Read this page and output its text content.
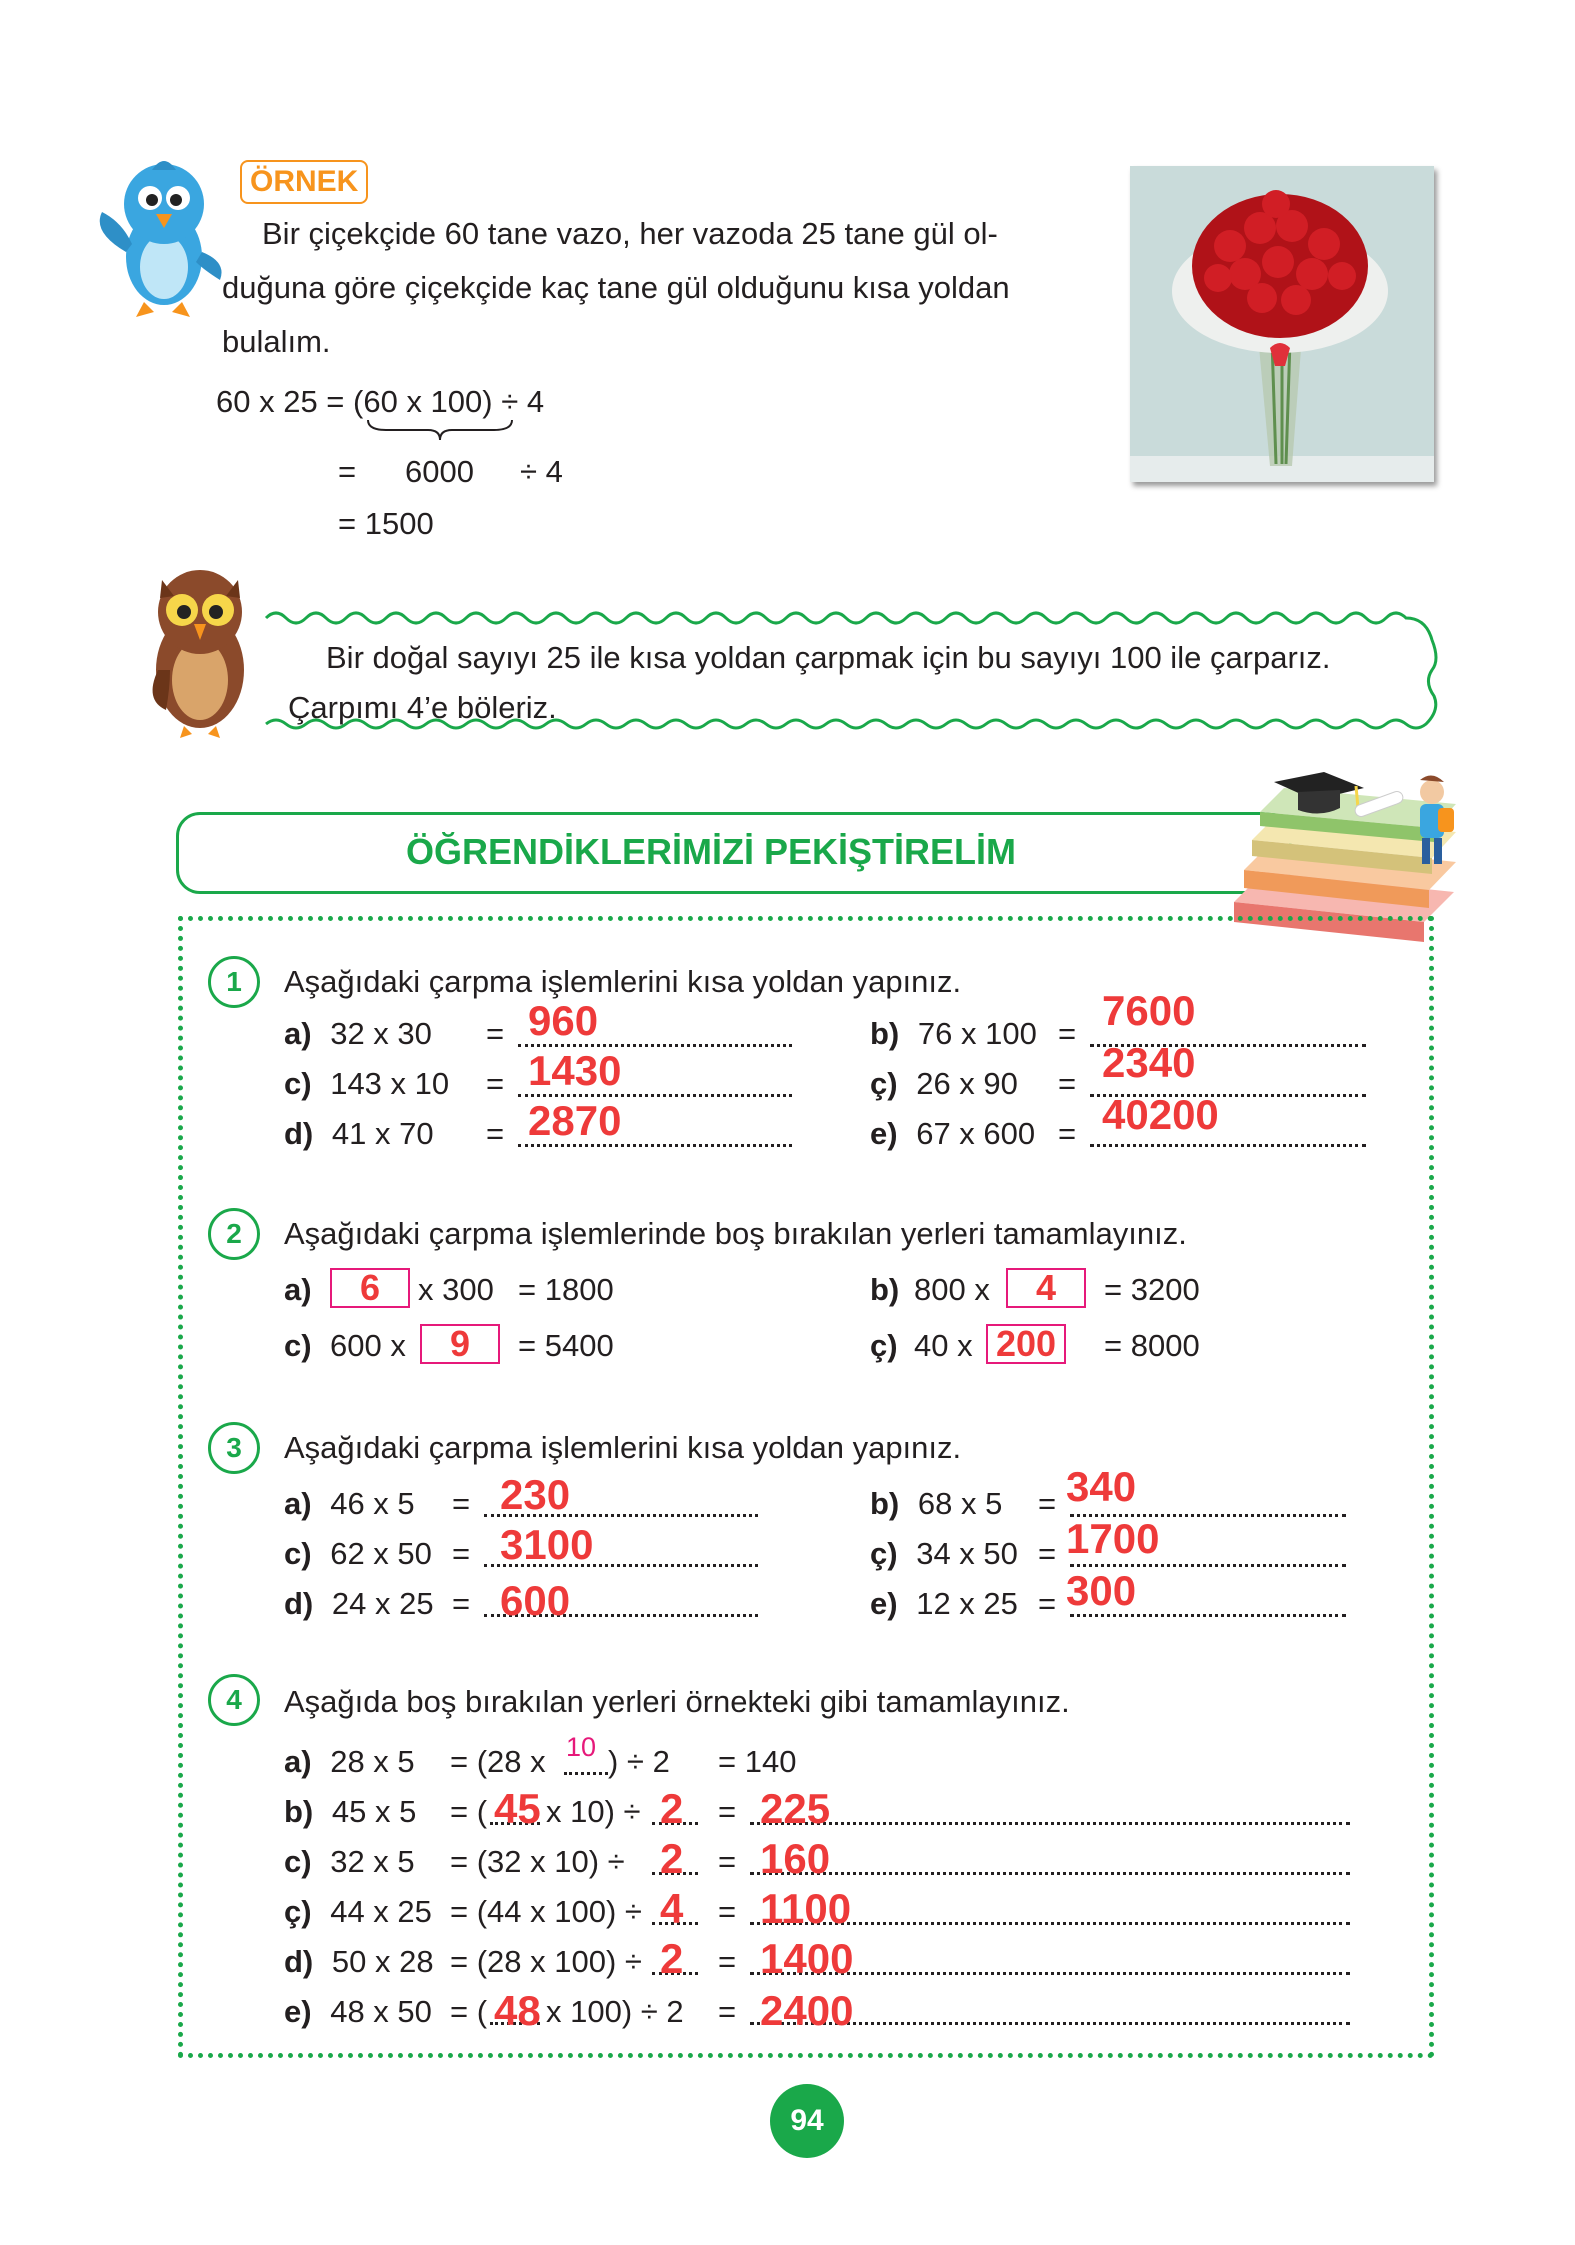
ÖRNEK
Bir çiçekçide 60 tane vazo, her vazoda 25 tane gül ol-
duğuna göre çiçekçide kaç tane gül olduğunu kısa yoldan
bulalım.
60 x 25 = (60 x 100) ÷ 4
= 6000 ÷ 4
= 1500
Bir doğal sayıyı 25 ile kısa yoldan çarpmak için bu sayıyı 100 ile çarparız.
Çarpımı 4’e böleriz.
ÖĞRENDİKLERİMİZİ PEKİŞTİRELİM
1	Aşağıdaki çarpma işlemlerini kısa yoldan yapınız.
a) 32 x 30 = 960
c) 143 x 10 = 1430
d) 41 x 70 = 2870
b) 76 x 100 = 7600
ç) 26 x 90 = 2340
e) 67 x 600 = 40200
2	Aşağıdaki çarpma işlemlerinde boş bırakılan yerleri tamamlayınız.
a)	6	x 300 = 1800
c) 600 x	9	= 5400
b) 800 x	4	= 3200
ç) 40 x 200 = 8000
3	Aşağıdaki çarpma işlemlerini kısa yoldan yapınız.
a) 46 x 5 = 230
c) 62 x 50 = 3100
d) 24 x 25 = 600
b) 68 x 5 = 340
ç) 34 x 50 = 1700
e) 12 x 25 = 300
4	Aşağıda boş bırakılan yerleri örnekteki gibi tamamlayınız.
a) 28 x 5 = (28 x 10 ) ÷ 2 = 140
b) 45 x 5 = ( 45 x 10) ÷ 2 = 225
c) 32 x 5 = (32 x 10) ÷ 2 = 160
ç) 44 x 25 = (44 x 100) ÷ 4 = 1100
d) 50 x 28 = (28 x 100) ÷ 2 = 1400
e) 48 x 50 = ( 48 x 100) ÷ 2 = 2400
94
